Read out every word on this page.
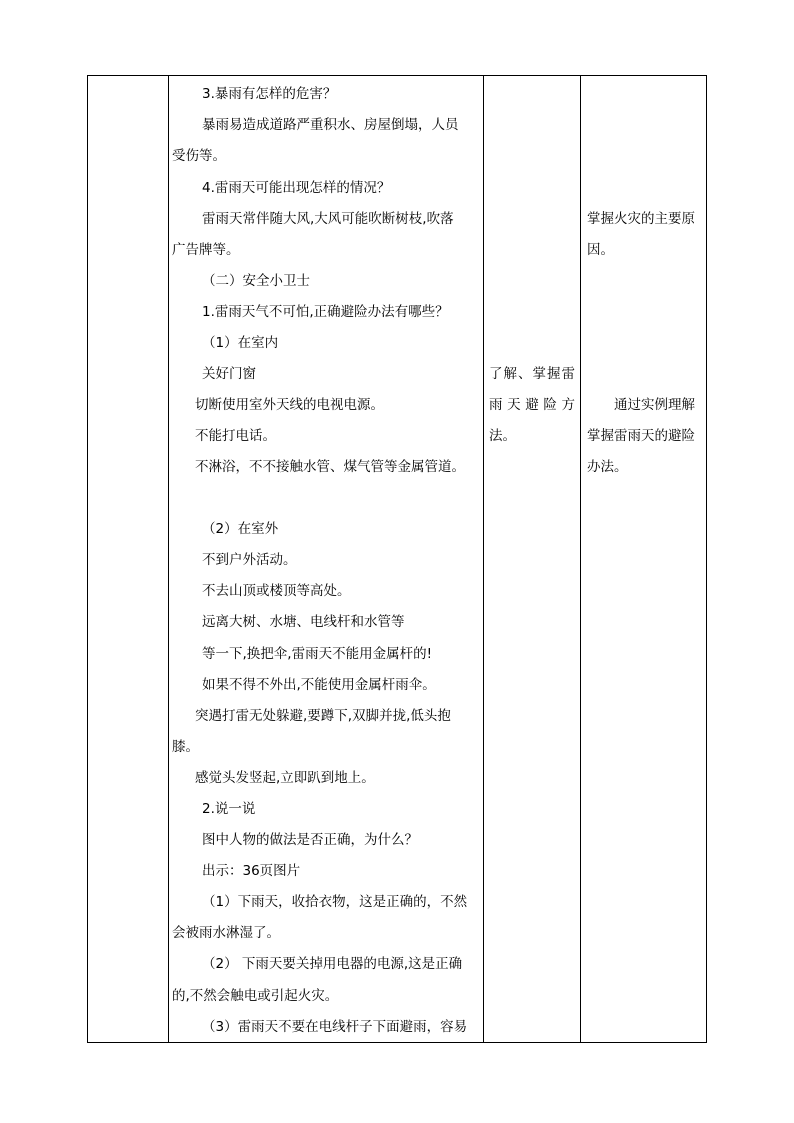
3.暴雨有怎样的危害？
暴雨易造成道路严重积水、房屋倒塌，人员
受伤等。
4.雷雨天可能出现怎样的情况？
雷雨天常伴随大风,大风可能吹断树枝,吹落
广告牌等。
（二）安全小卫士
1.雷雨天气不可怕,正确避险办法有哪些？
（1）在室内
关好门窗
切断使用室外天线的电视电源。
不能打电话。
不淋浴，不不接触水管、煤气管等金属管道。
（2）在室外
不到户外活动。
不去山顶或楼顶等高处。
远离大树、水塘、电线杆和水管等
等一下,换把伞,雷雨天不能用金属杆的!
如果不得不外出,不能使用金属杆雨伞。
突遇打雷无处躲避,要蹲下,双脚并拢,低头抱
膝。
感觉头发竖起,立即趴到地上。
2.说一说
图中人物的做法是否正确，为什么？
出示：36页图片
（1）下雨天，收拾衣物，这是正确的，不然
会被雨水淋湿了。
（2） 下雨天要关掉用电器的电源,这是正确
的,不然会触电或引起火灾。
（3）雷雨天不要在电线杆子下面避雨，容易
了解、掌握雷
雨 天 避 险 方
法。
掌握火灾的主要原
因。
通过实例理解
掌握雷雨天的避险
办法。
